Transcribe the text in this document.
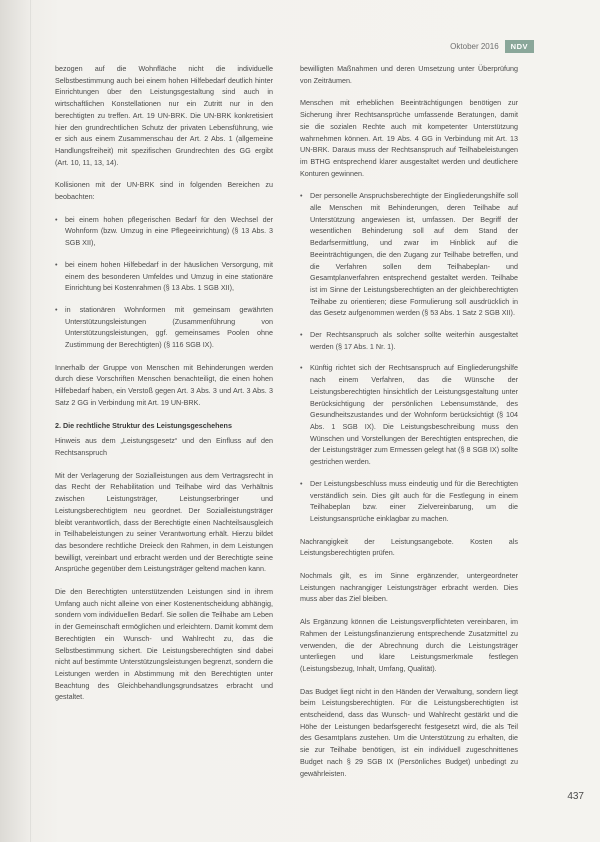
Oktober 2016	NDV

bezogen auf die Wohnfläche nicht die individuelle Selbstbestimmung auch bei einem hohen Hilfebedarf deutlich hinter Einrichtungen über den Leistungsgestaltung sind auch in wirtschaftlichen Konstellationen nur ein Zutritt nur in den berechtigten zu treffen. Art. 19 UN-BRK. Die UN-BRK konkretisiert hier den grundrechtlichen Schutz der privaten Lebensführung, wie er sich aus einem Zusammenschau der Art. 2 Abs. 1 (allgemeine Handlungsfreiheit) mit spezifischen Grundrechten des GG ergibt (Art. 10, 11, 13, 14).

Kollisionen mit der UN-BRK sind in folgenden Bereichen zu beobachten:

• bei einem hohen pflegerischen Bedarf für den Wechsel der Wohnform (bzw. Umzug in eine Pflegeeinrichtung) (§ 13 Abs. 3 SGB XII),
• bei einem hohen Hilfebedarf in der häuslichen Versorgung, mit einem des besonderen Umfeldes und Umzug in eine stationäre Einrichtung bei Kostenrahmen (§ 13 Abs. 1 SGB XII),
• in stationären Wohnformen mit gemeinsam gewährten Unterstützungsleistungen (Zusammenführung von Unterstützungsleistungen, ggf. gemeinsames Poolen ohne Zustimmung der Berechtigten) (§ 116 SGB IX).

Innerhalb der Gruppe von Menschen mit Behinderungen werden durch diese Vorschriften Menschen benachteiligt, die einen hohen Hilfebedarf haben, ein Verstoß gegen Art. 3 Abs. 3 und Art. 3 Abs. 3 Satz 2 GG in Verbindung mit Art. 19 UN-BRK.

2. Die rechtliche Struktur des Leistungsgeschehens

Hinweis aus dem „Leistungsgesetz“ und den Einfluss auf den Rechtsanspruch

Mit der Verlagerung der Sozialleistungen aus dem Vertragsrecht in das Recht der Rehabilitation und Teilhabe wird das Verhältnis zwischen Leistungsträger, Leistungserbringer und Leistungsberechtigtem neu geordnet. Der Sozialleistungsträger bleibt verantwortlich, dass der Berechtigte einen Nachteilsausgleich in Teilhabeleistungen zu seiner Verantwortung erhält. Hierzu bildet das besondere rechtliche Dreieck den Rahmen, in dem Leistungen bewilligt, vereinbart und erbracht werden und der Berechtigte seine Ansprüche gegenüber dem Leistungsträger geltend machen kann.

Die den Berechtigten unterstützenden Leistungen sind in ihrem Umfang auch nicht alleine von einer Kostenentscheidung abhängig, sondern vom individuellen Bedarf. Sie sollen die Teilhabe am Leben in der Gemeinschaft ermöglichen und erleichtern. Damit kommt dem Berechtigten ein Wunsch- und Wahlrecht zu, das die Selbstbestimmung sichert. Die Leistungsberechtigten sind dabei nicht auf bestimmte Unterstützungsleistungen begrenzt, sondern die Leistungen werden in Abstimmung mit den Berechtigten unter Beachtung des Gleichbehandlungsgrundsatzes erbracht und gestaltet.

bewilligten Maßnahmen und deren Umsetzung unter Überprüfung von Zeiträumen.

Menschen mit erheblichen Beeinträchtigungen benötigen zur Sicherung ihrer Rechtsansprüche umfassende Beratungen, damit sie die sozialen Rechte auch mit kompetenter Unterstützung wahrnehmen können. Art. 19 Abs. 4 GG in Verbindung mit Art. 13 UN-BRK. Daraus muss der Rechtsanspruch auf Teilhabeleistungen im BTHG entsprechend klarer ausgestaltet werden und deutlichere Konturen gewinnen.

• Der personelle Anspruchsberechtigte der Eingliederungshilfe soll alle Menschen mit Behinderungen, deren Teilhabe auf Unterstützung angewiesen ist, umfassen. Der Begriff der wesentlichen Behinderung soll auf dem Stand der Bedarfsermittlung, und zwar im Hinblick auf die Beeinträchtigungen, die den Zugang zur Teilhabe betreffen, und die Verfahren sollen dem Teilhabeplan- und Gesamtplanverfahren entsprechend gestaltet werden. Teilhabe ist im Sinne der Leistungsberechtigten an der gleichberechtigten Teilhabe zu orientieren; diese Formulierung soll ausdrücklich in das Gesetz aufgenommen werden (§ 53 Abs. 1 Satz 2 SGB XII).
• Der Rechtsanspruch als solcher sollte weiterhin ausgestaltet werden (§ 17 Abs. 1 Nr. 1).
• Künftig richtet sich der Rechtsanspruch auf Eingliederungshilfe nach einem Verfahren, das die Wünsche der Leistungsberechtigten hinsichtlich der Leistungsgestaltung unter Berücksichtigung der persönlichen Lebensumstände, des Gesundheitszustandes und der Wohnform berücksichtigt (§ 104 Abs. 1 SGB IX). Die Leistungsbeschreibung muss den Wünschen und Vorstellungen der Berechtigten entsprechen, die der Leistungsträger zum Ermessen gelegt hat (§ 8 SGB IX) sollte gestrichen werden.
• Der Leistungsbeschluss muss eindeutig und für die Berechtigten verständlich sein. Dies gilt auch für die Festlegung in einem Teilhabeplan bzw. einer Zielvereinbarung, um die Leistungsansprüche einklagbar zu machen.

Nachrangigkeit der Leistungsangebote. Kosten als Leistungsberechtigten prüfen.

Nochmals gilt, es im Sinne ergänzender, untergeordneter Leistungen nachrangiger Leistungsträger erbracht werden. Dies muss aber das Ziel bleiben.

Als Ergänzung können die Leistungsverpflichteten vereinbaren, im Rahmen der Leistungsfinanzierung entsprechende Zusatzmittel zu verwenden, die der Abrechnung durch die Leistungsträger unterliegen und klare Leistungsmerkmale festlegen (Leistungsbezug, Inhalt, Umfang, Qualität).

Das Budget liegt nicht in den Händen der Verwaltung, sondern liegt beim Leistungsberechtigten. Für die Leistungsberechtigten ist entscheidend, dass das Wunsch- und Wahlrecht gestärkt und die Höhe der Leistungen bedarfsgerecht festgesetzt wird, die als Teil des Gesamtplans zustehen. Um die Unterstützung zu erhalten, die sie zur Teilhabe benötigen, ist ein individuell zugeschnittenes Budget nach § 29 SGB IX (Persönliches Budget) unbedingt zu gewährleisten.

437
